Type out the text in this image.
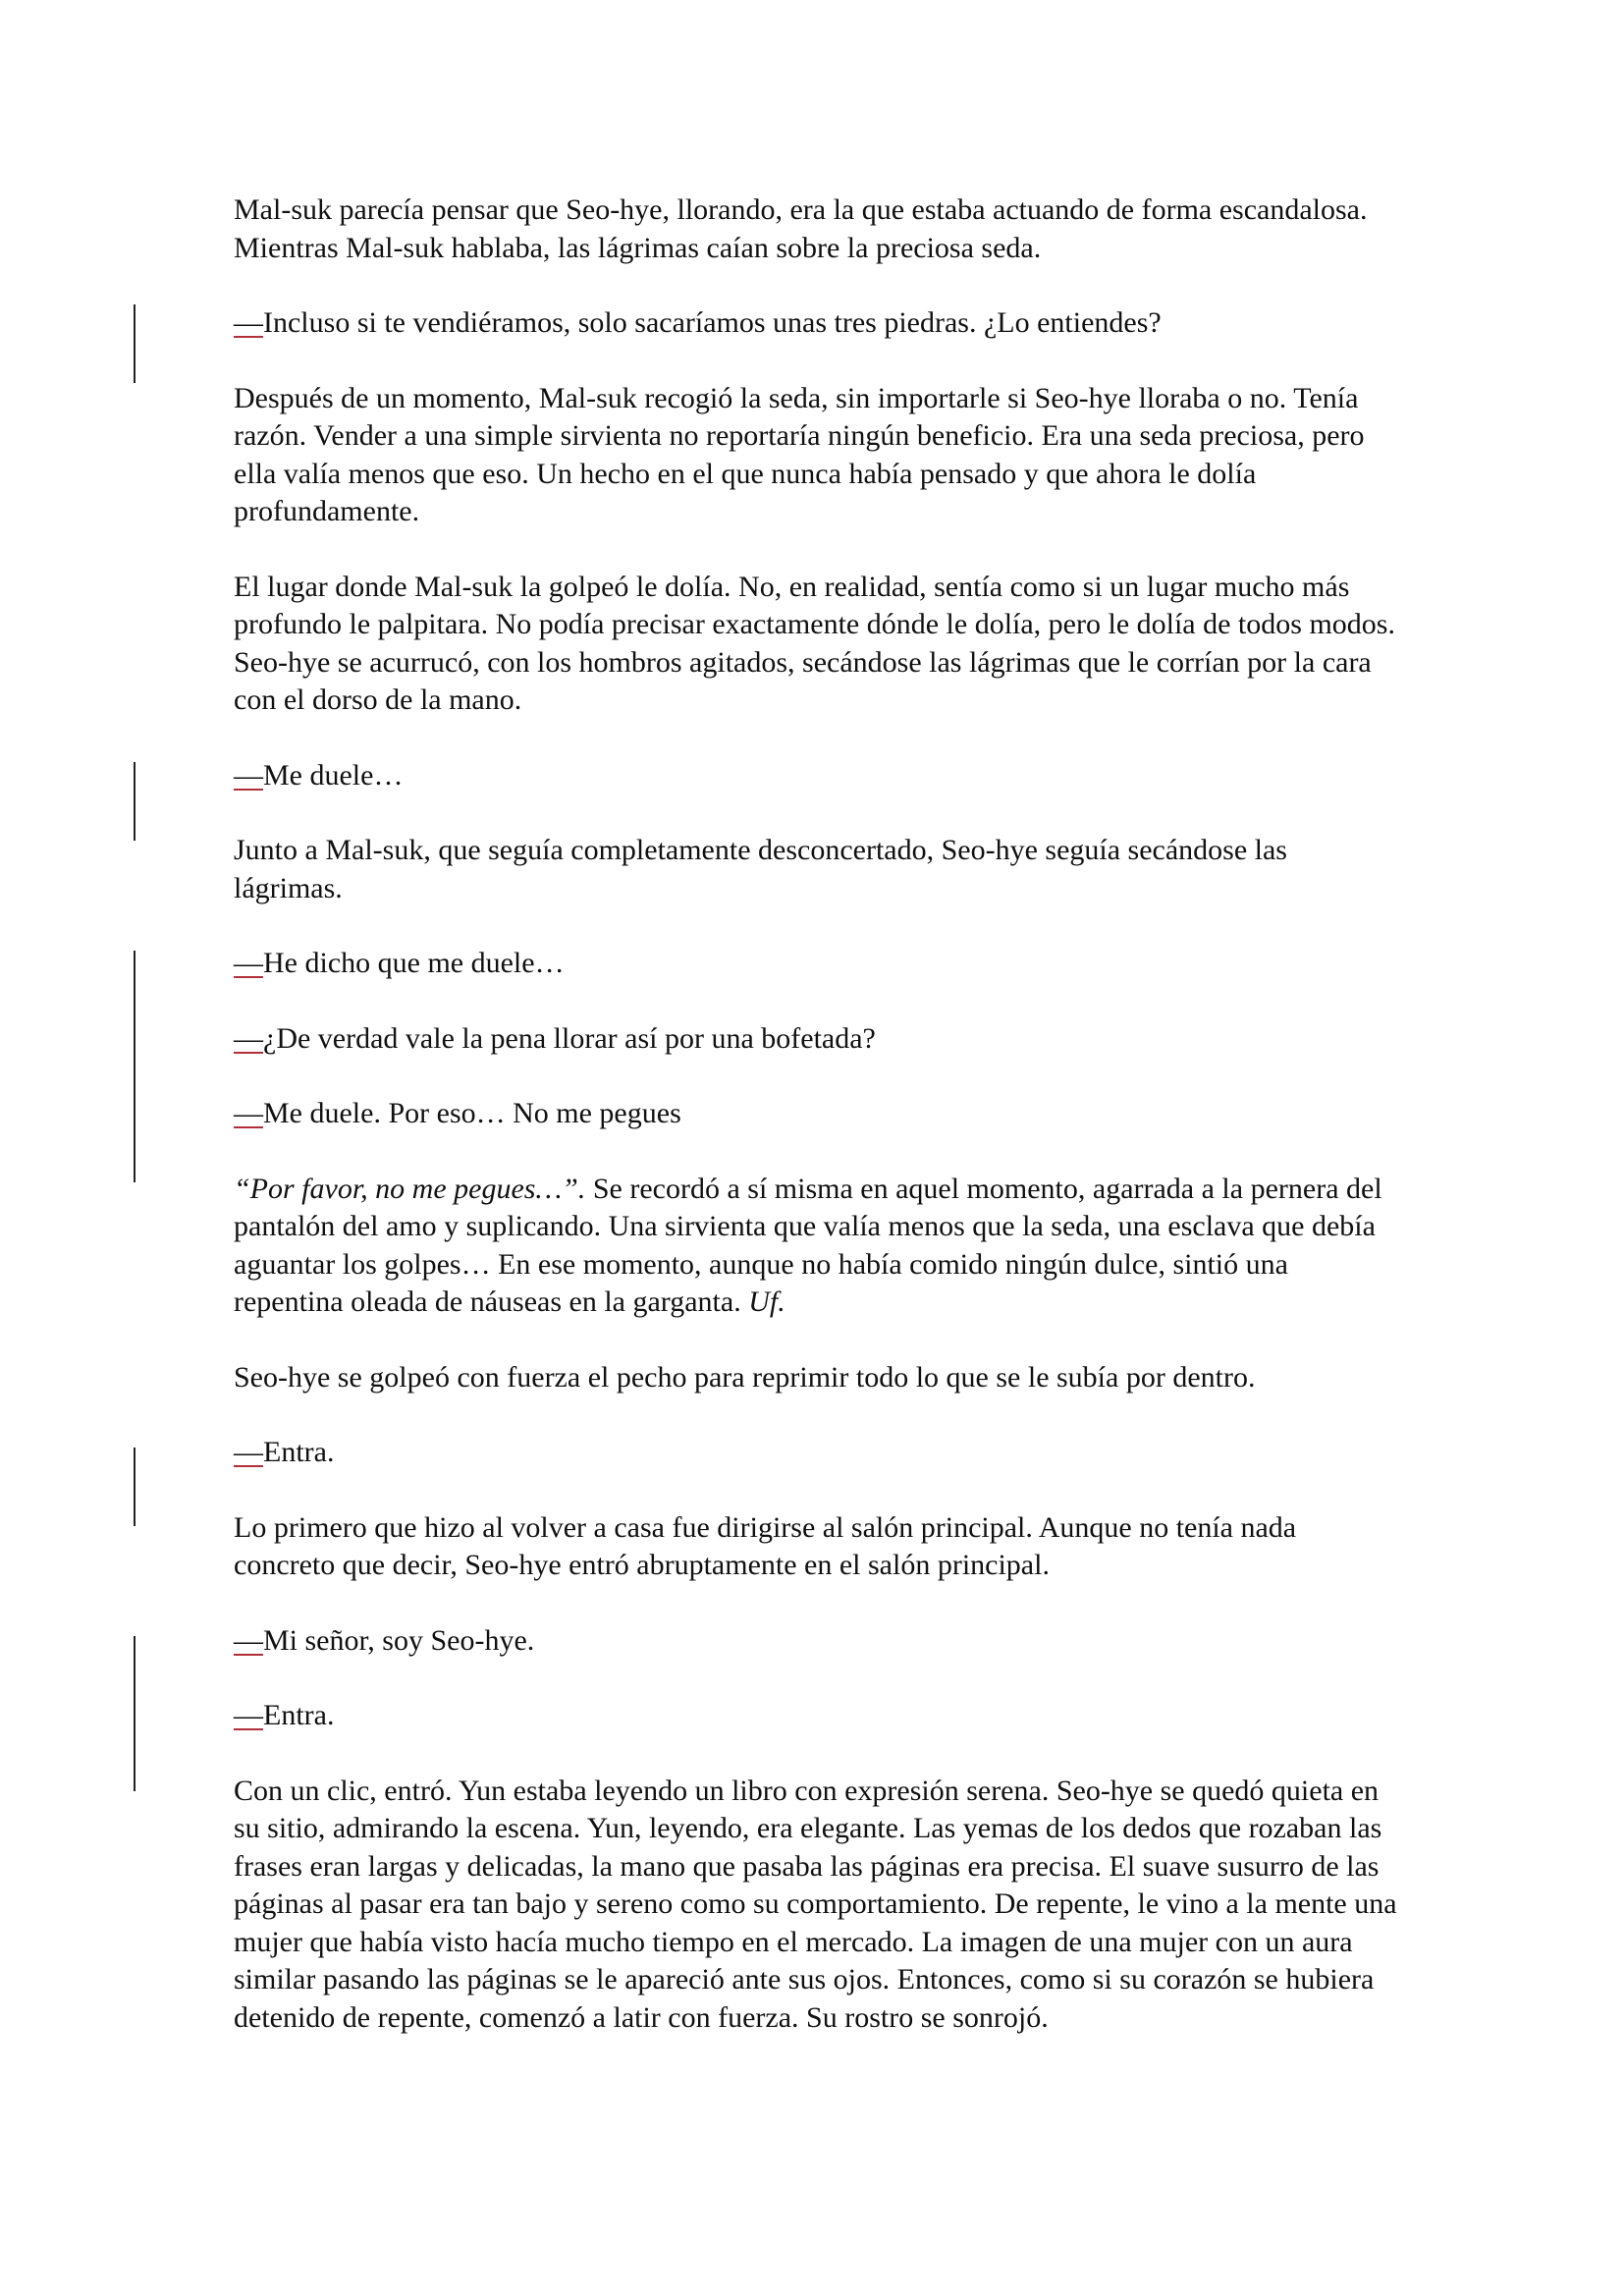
Mal-suk parecía pensar que Seo-hye, llorando, era la que estaba actuando de forma escandalosa. Mientras Mal-suk hablaba, las lágrimas caían sobre la preciosa seda.

—Incluso si te vendiéramos, solo sacaríamos unas tres piedras. ¿Lo entiendes?

Después de un momento, Mal-suk recogió la seda, sin importarle si Seo-hye lloraba o no. Tenía razón. Vender a una simple sirvienta no reportaría ningún beneficio. Era una seda preciosa, pero ella valía menos que eso. Un hecho en el que nunca había pensado y que ahora le dolía profundamente.

El lugar donde Mal-suk la golpeó le dolía. No, en realidad, sentía como si un lugar mucho más profundo le palpitara. No podía precisar exactamente dónde le dolía, pero le dolía de todos modos. Seo-hye se acurrucó, con los hombros agitados, secándose las lágrimas que le corrían por la cara con el dorso de la mano.

—Me duele…

Junto a Mal-suk, que seguía completamente desconcertado, Seo-hye seguía secándose las lágrimas.

—He dicho que me duele…

—¿De verdad vale la pena llorar así por una bofetada?

—Me duele. Por eso… No me pegues

“Por favor, no me pegues…”. Se recordó a sí misma en aquel momento, agarrada a la pernera del pantalón del amo y suplicando. Una sirvienta que valía menos que la seda, una esclava que debía aguantar los golpes… En ese momento, aunque no había comido ningún dulce, sintió una repentina oleada de náuseas en la garganta. Uf.

Seo-hye se golpeó con fuerza el pecho para reprimir todo lo que se le subía por dentro.

—Entra.

Lo primero que hizo al volver a casa fue dirigirse al salón principal. Aunque no tenía nada concreto que decir, Seo-hye entró abruptamente en el salón principal.

—Mi señor, soy Seo-hye.

—Entra.

Con un clic, entró. Yun estaba leyendo un libro con expresión serena. Seo-hye se quedó quieta en su sitio, admirando la escena. Yun, leyendo, era elegante. Las yemas de los dedos que rozaban las frases eran largas y delicadas, la mano que pasaba las páginas era precisa. El suave susurro de las páginas al pasar era tan bajo y sereno como su comportamiento. De repente, le vino a la mente una mujer que había visto hacía mucho tiempo en el mercado. La imagen de una mujer con un aura similar pasando las páginas se le apareció ante sus ojos. Entonces, como si su corazón se hubiera detenido de repente, comenzó a latir con fuerza. Su rostro se sonrojó.
